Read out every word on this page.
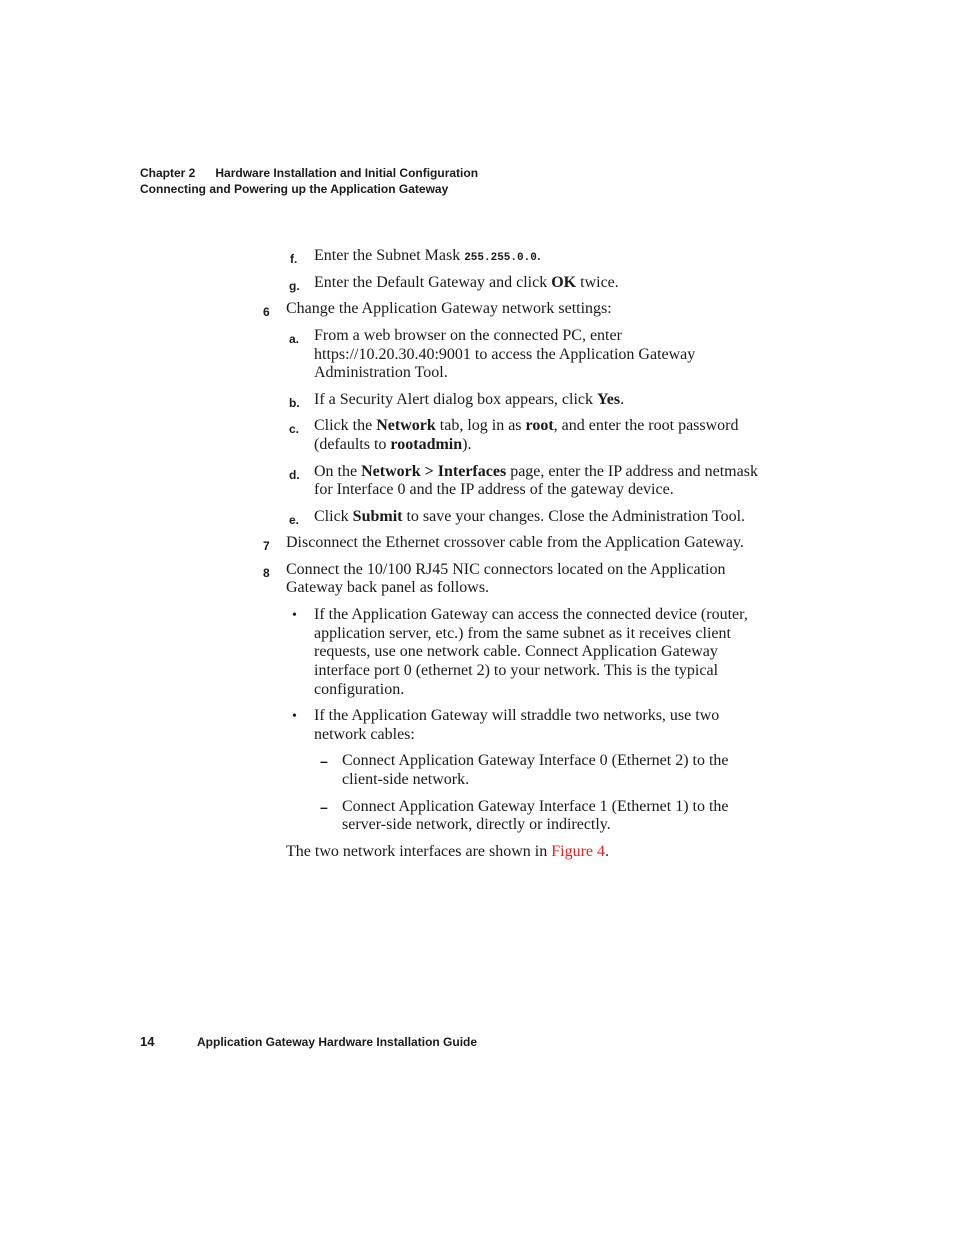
Chapter 2 Hardware Installation and Initial Configuration
Connecting and Powering up the Application Gateway
f. Enter the Subnet Mask 255.255.0.0.
g. Enter the Default Gateway and click OK twice.
6 Change the Application Gateway network settings:
a. From a web browser on the connected PC, enter
https://10.20.30.40:9001 to access the Application Gateway
Administration Tool.
b. If a Security Alert dialog box appears, click Yes.
c. Click the Network tab, log in as root, and enter the root password
(defaults to rootadmin).
d. On the Network > Interfaces page, enter the IP address and netmask
for Interface 0 and the IP address of the gateway device.
e. Click Submit to save your changes. Close the Administration Tool.
7 Disconnect the Ethernet crossover cable from the Application Gateway.
8 Connect the 10/100 RJ45 NIC connectors located on the Application
Gateway back panel as follows.
• If the Application Gateway can access the connected device (router,
application server, etc.) from the same subnet as it receives client
requests, use one network cable. Connect Application Gateway
interface port 0 (ethernet 2) to your network. This is the typical
configuration.
• If the Application Gateway will straddle two networks, use two
network cables:
– Connect Application Gateway Interface 0 (Ethernet 2) to the
client-side network.
– Connect Application Gateway Interface 1 (Ethernet 1) to the
server-side network, directly or indirectly.
The two network interfaces are shown in Figure 4.
14	Application Gateway Hardware Installation Guide
